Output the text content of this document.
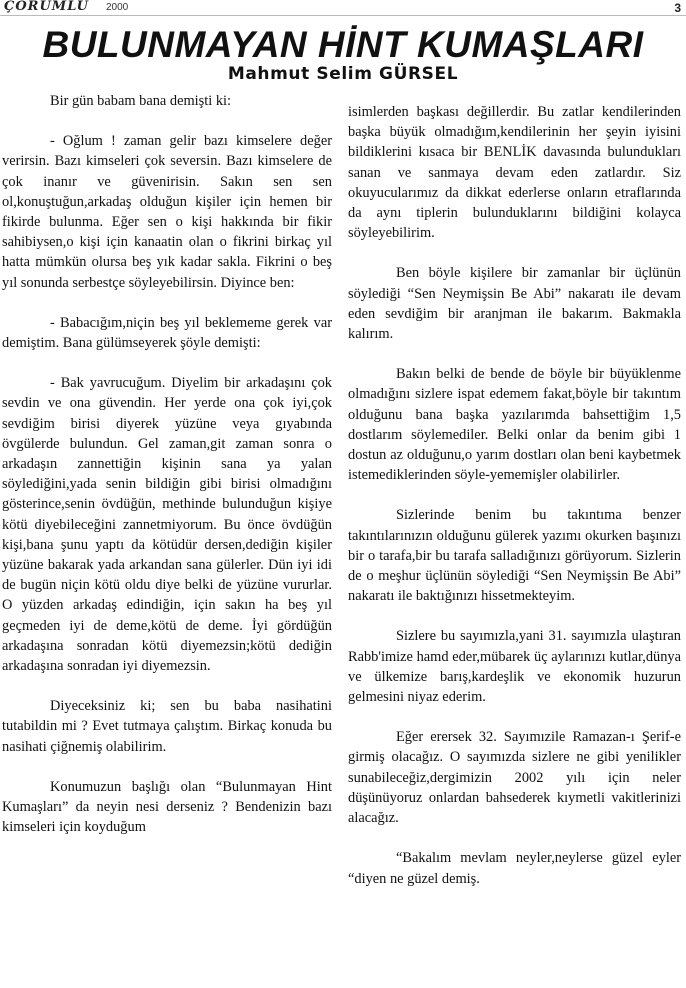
ÇORUMLU 2000	3
BULUNMAYAN HİNT KUMAŞLARI
Mahmut Selim GÜRSEL

Bir gün babam bana demişti ki:

- Oğlum ! zaman gelir bazı kimselere değer verirsin. Bazı kimseleri çok seversin. Bazı kimselere de çok inanır ve güvenirisin. Sakın sen sen ol,konuştuğun,arkadaş olduğun kişiler için hemen bir fikirde bulunma. Eğer sen o kişi hakkında bir fikir sahibiysen,o kişi için kanaatin olan o fikrini birkaç yıl hatta mümkün olursa beş yık kadar sakla. Fikrini o beş yıl sonunda serbestçe söyleyebilirsin. Diyince ben:

- Babacığım,niçin beş yıl beklememe gerek var demiştim. Bana gülümseyerek şöyle demişti:

- Bak yavrucuğum. Diyelim bir arkadaşını çok sevdin ve ona güvendin. Her yerde ona çok iyi,çok sevdiğim birisi diyerek yüzüne veya gıyabında övgülerde bulundun. Gel zaman,git zaman sonra o arkadaşın zannettiğin kişinin sana ya yalan söylediğini,yada senin bildiğin gibi birisi olmadığını gösterince,senin övdüğün, methinde bulunduğun kişiye kötü diyebileceğini zannetmiyorum. Bu önce övdüğün kişi,bana şunu yaptı da kötüdür dersen,dediğin kişiler yüzüne bakarak yada arkandan sana gülerler. Dün iyi idi de bugün niçin kötü oldu diye belki de yüzüne vururlar. O yüzden arkadaş edindiğin, için sakın ha beş yıl geçmeden iyi de deme,kötü de deme. İyi gördüğün arkadaşına sonradan kötü diyemezsin;kötü dediğin arkadaşına sonradan iyi diyemezsin.

Diyeceksiniz ki; sen bu baba nasihatini tutabildin mi ? Evet tutmaya çalıştım. Birkaç konuda bu nasihati çiğnemiş olabilirim.

Konumuzun başlığı olan “Bulunmayan Hint Kumaşları” da neyin nesi derseniz ? Bendenizin bazı kimseleri için koyduğum

isimlerden başkası değillerdir. Bu zatlar kendilerinden başka büyük olmadığım,kendilerinin her şeyin iyisini bildiklerini kısaca bir BENLİK davasında bulundukları sanan ve sanmaya devam eden zatlardır. Siz okuyucularımız da dikkat ederlerse onların etraflarında da aynı tiplerin bulunduklarını bildiğini kolayca söyleyebilirim.

Ben böyle kişilere bir zamanlar bir üçlünün söylediği “Sen Neymişsin Be Abi” nakaratı ile devam eden sevdiğim bir aranjman ile bakarım. Bakmakla kalırım.

Bakın belki de bende de böyle bir büyüklenme olmadığını sizlere ispat edemem fakat,böyle bir takıntım olduğunu bana başka yazılarımda bahsettiğim 1,5 dostlarım söylemediler. Belki onlar da benim gibi 1 dostun az olduğunu,o yarım dostları olan beni kaybetmek istemediklerinden söyle-yememişler olabilirler.

Sizlerinde benim bu takıntıma benzer takıntılarınızın olduğunu gülerek yazımı okurken başınızı bir o tarafa,bir bu tarafa salladığınızı görüyorum. Sizlerin de o meşhur üçlünün söylediği “Sen Neymişsin Be Abi” nakaratı ile baktığınızı hissetmekteyim.

Sizlere bu sayımızla,yani 31. sayımızla ulaştıran Rabb'imize hamd eder,mübarek üç aylarınızı kutlar,dünya ve ülkemize barış,kardeşlik ve ekonomik huzurun gelmesini niyaz ederim.

Eğer erersek 32. Sayımızile Ramazan-ı Şerif-e girmiş olacağız. O sayımızda sizlere ne gibi yenilikler sunabileceğiz,dergimizin 2002 yılı için neler düşünüyoruz onlardan bahsederek kıymetli vakitlerinizi alacağız.

“Bakalım mevlam neyler,neylerse güzel eyler “diyen ne güzel demiş.
